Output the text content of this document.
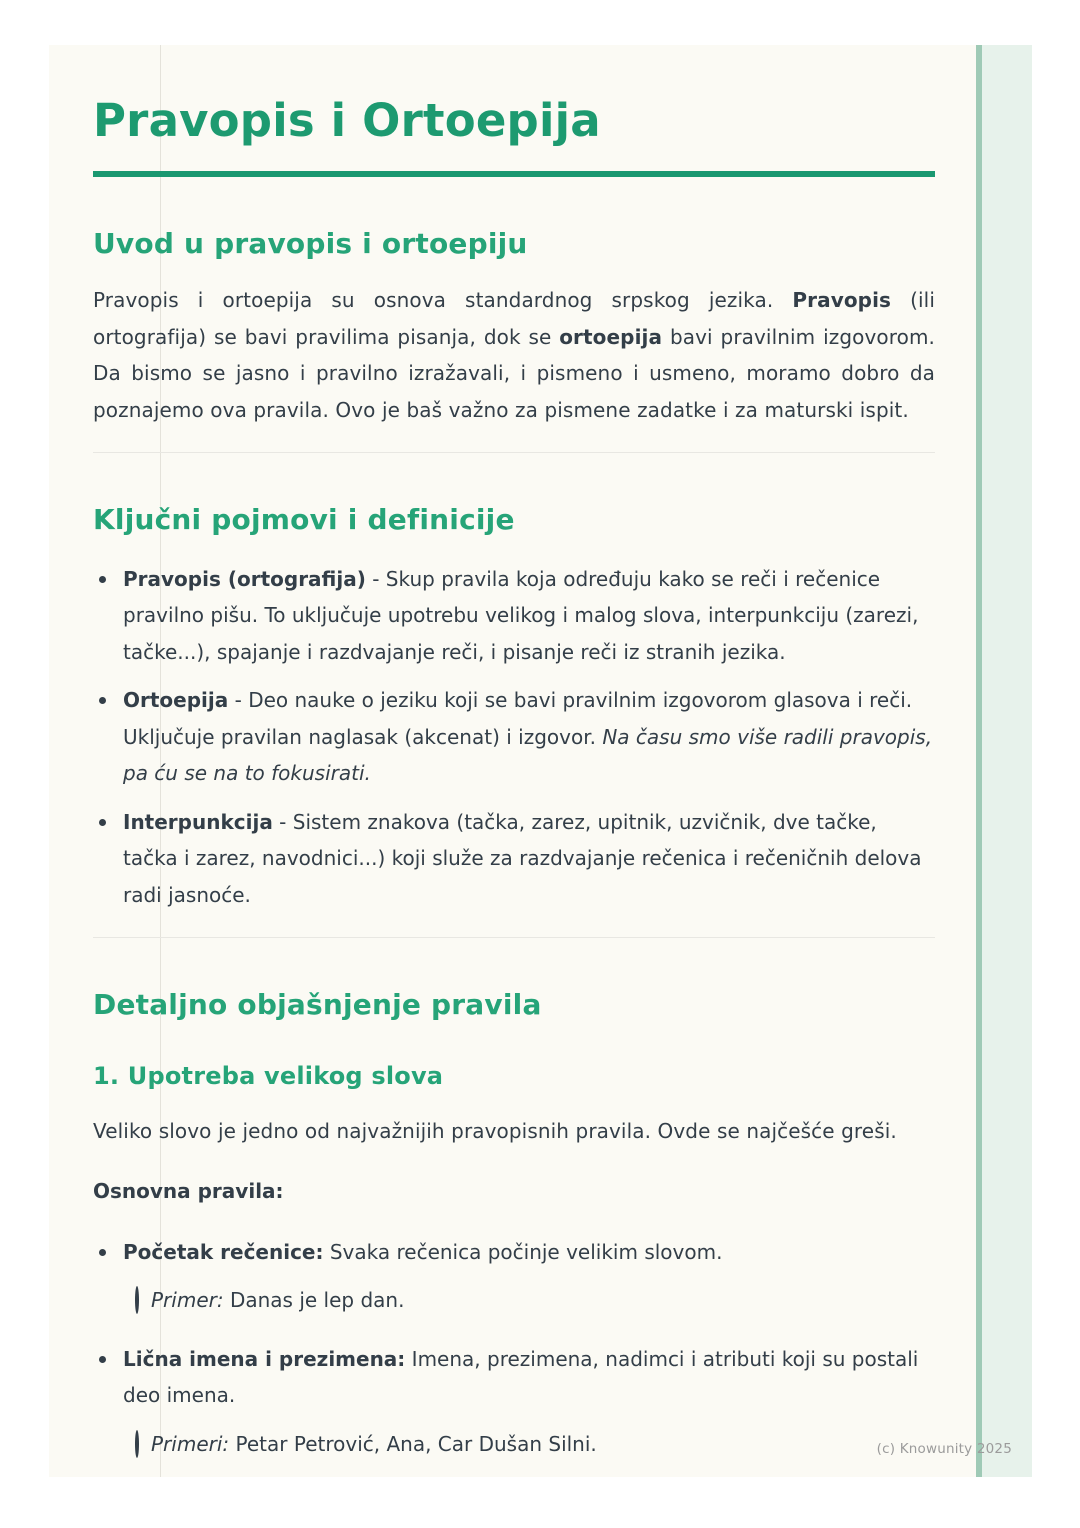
Pravopis i Ortoepija
Uvod u pravopis i ortoepiju
Pravopis i ortoepija su osnova standardnog srpskog jezika. Pravopis (ili ortografija) se bavi pravilima pisanja, dok se ortoepija bavi pravilnim izgovorom. Da bismo se jasno i pravilno izražavali, i pismeno i usmeno, moramo dobro da poznajemo ova pravila. Ovo je baš važno za pismene zadatke i za maturski ispit.
Ključni pojmovi i definicije
Pravopis (ortografija) - Skup pravila koja određuju kako se reči i rečenice pravilno pišu. To uključuje upotrebu velikog i malog slova, interpunkciju (zarezi, tačke...), spajanje i razdvajanje reči, i pisanje reči iz stranih jezika.
Ortoepija - Deo nauke o jeziku koji se bavi pravilnim izgovorom glasova i reči. Uključuje pravilan naglasak (akcenat) i izgovor. Na času smo više radili pravopis, pa ću se na to fokusirati.
Interpunkcija - Sistem znakova (tačka, zarez, upitnik, uzvičnik, dve tačke, tačka i zarez, navodnici...) koji služe za razdvajanje rečenica i rečeničnih delova radi jasnoće.
Detaljno objašnjenje pravila
1. Upotreba velikog slova
Veliko slovo je jedno od najvažnijih pravopisnih pravila. Ovde se najčešće greši.
Osnovna pravila:
Početak rečenice: Svaka rečenica počinje velikim slovom.
Primer: Danas je lep dan.
Lična imena i prezimena: Imena, prezimena, nadimci i atributi koji su postali deo imena.
Primeri: Petar Petrović, Ana, Car Dušan Silni.	(c) Knowunity 2025
